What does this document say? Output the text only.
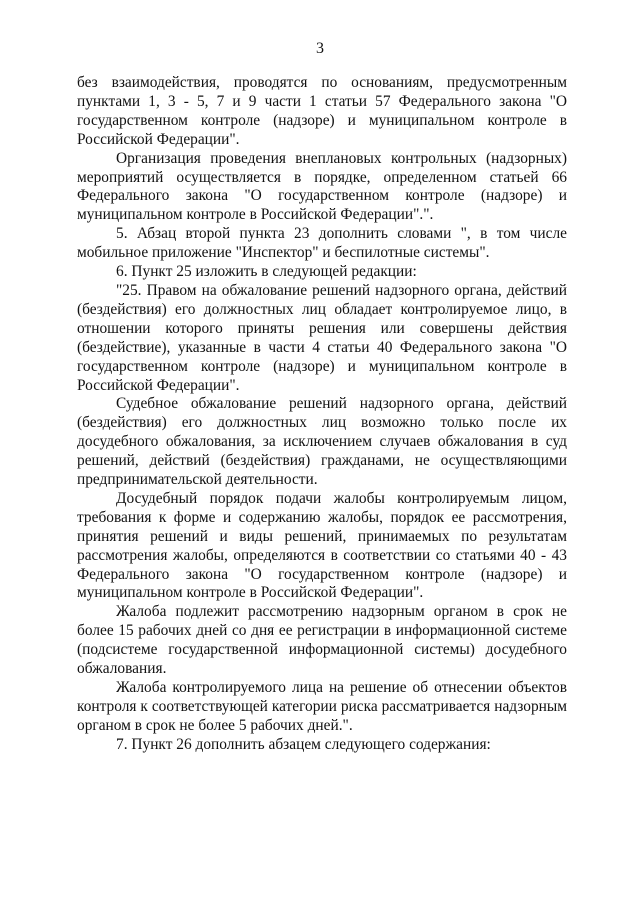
3

без взаимодействия, проводятся по основаниям, предусмотренным пунктами 1, 3 - 5, 7 и 9 части 1 статьи 57 Федерального закона "О государственном контроле (надзоре) и муниципальном контроле в Российской Федерации".

Организация проведения внеплановых контрольных (надзорных) мероприятий осуществляется в порядке, определенном статьей 66 Федерального закона "О государственном контроле (надзоре) и муниципальном контроле в Российской Федерации".".

5. Абзац второй пункта 23 дополнить словами ", в том числе мобильное приложение "Инспектор" и беспилотные системы".

6. Пункт 25 изложить в следующей редакции:

"25. Правом на обжалование решений надзорного органа, действий (бездействия) его должностных лиц обладает контролируемое лицо, в отношении которого приняты решения или совершены действия (бездействие), указанные в части 4 статьи 40 Федерального закона "О государственном контроле (надзоре) и муниципальном контроле в Российской Федерации".

Судебное обжалование решений надзорного органа, действий (бездействия) его должностных лиц возможно только после их досудебного обжалования, за исключением случаев обжалования в суд решений, действий (бездействия) гражданами, не осуществляющими предпринимательской деятельности.

Досудебный порядок подачи жалобы контролируемым лицом, требования к форме и содержанию жалобы, порядок ее рассмотрения, принятия решений и виды решений, принимаемых по результатам рассмотрения жалобы, определяются в соответствии со статьями 40 - 43 Федерального закона "О государственном контроле (надзоре) и муниципальном контроле в Российской Федерации".

Жалоба подлежит рассмотрению надзорным органом в срок не более 15 рабочих дней со дня ее регистрации в информационной системе (подсистеме государственной информационной системы) досудебного обжалования.

Жалоба контролируемого лица на решение об отнесении объектов контроля к соответствующей категории риска рассматривается надзорным органом в срок не более 5 рабочих дней.".

7. Пункт 26 дополнить абзацем следующего содержания:
